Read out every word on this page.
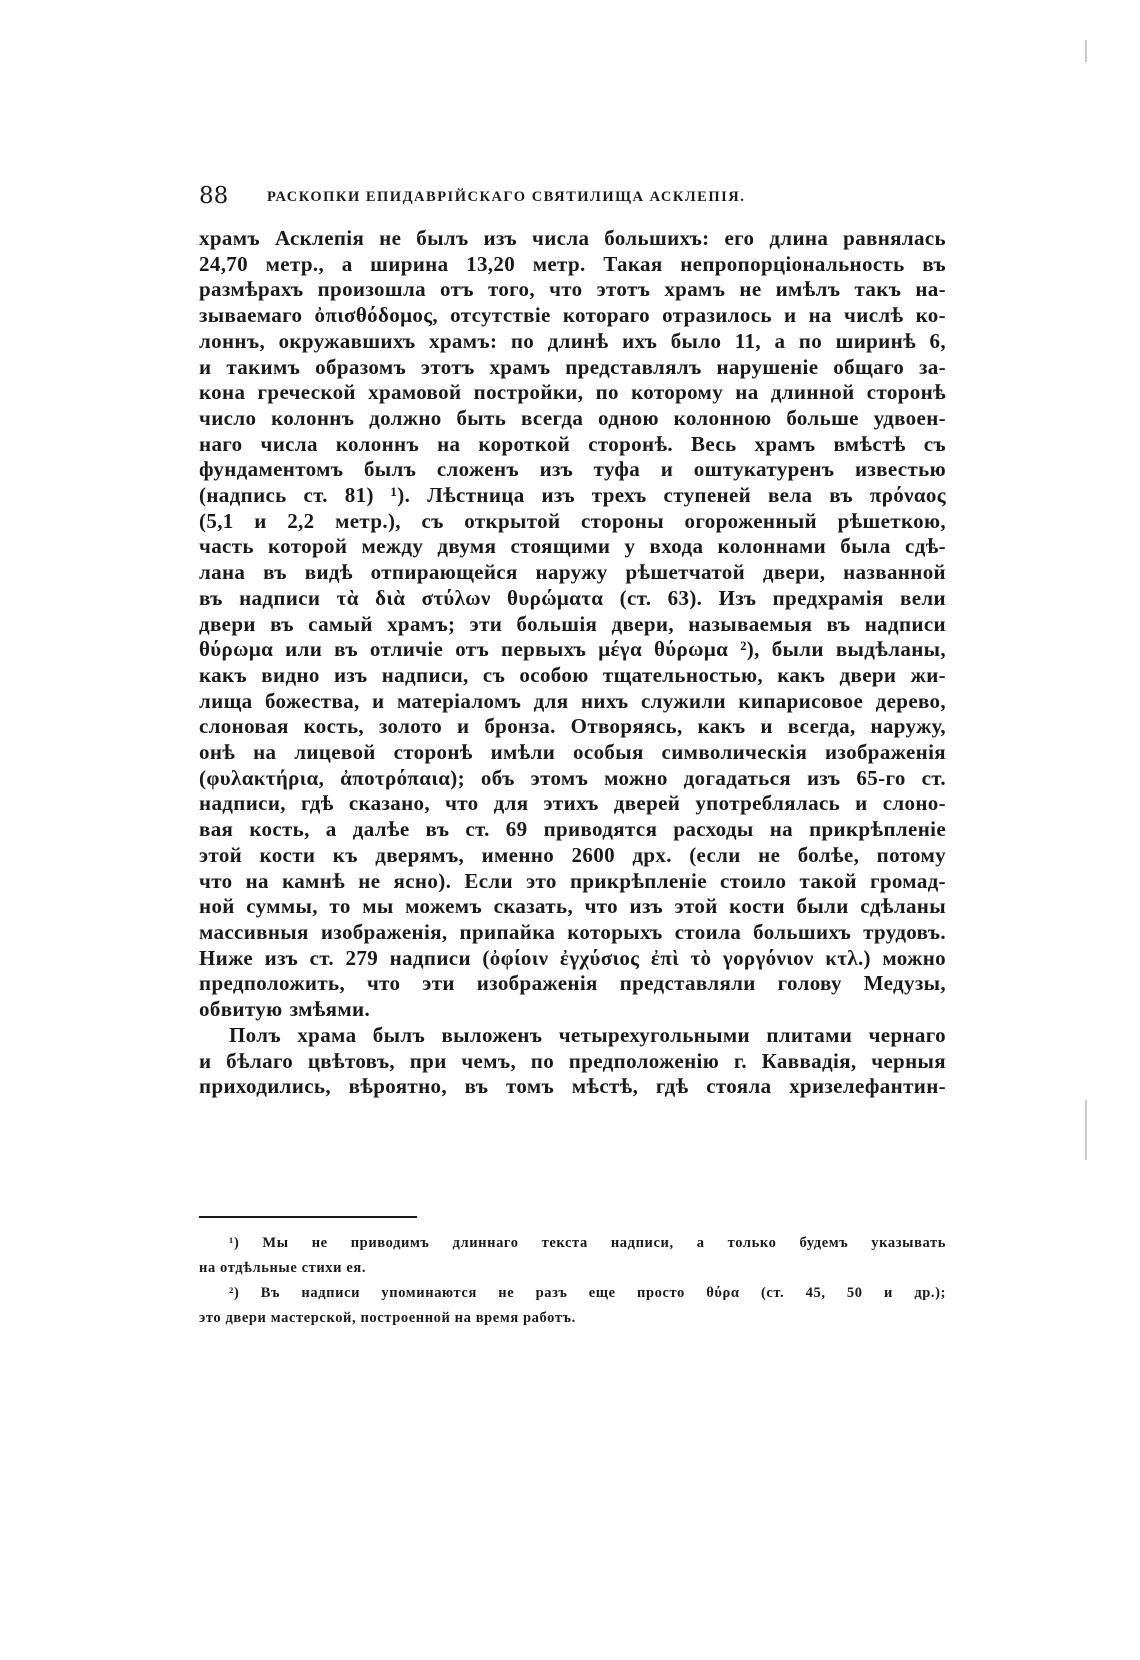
88	РАСКОПКИ ЕПИДАВРІЙСКАГО СВЯТИЛИЩА АСКЛЕПІЯ.
храмъ Асклепія не былъ изъ числа большихъ: его длина равнялась
24,70 метр., а ширина 13,20 метр. Такая непропорціональность въ
размѣрахъ произошла отъ того, что этотъ храмъ не имѣлъ такъ на-
зываемаго ὀπισθόδομος, отсутствіе котораго отразилось и на числѣ ко-
лоннъ, окружавшихъ храмъ: по длинѣ ихъ было 11, а по ширинѣ 6,
и такимъ образомъ этотъ храмъ представлялъ нарушеніе общаго за-
кона греческой храмовой постройки, по которому на длинной сторонѣ
число колоннъ должно быть всегда одною колонною больше удвоен-
наго числа колоннъ на короткой сторонѣ. Весь храмъ вмѣстѣ съ
фундаментомъ былъ сложенъ изъ туфа и оштукатуренъ известью
(надпись ст. 81) ¹). Лѣстница изъ трехъ ступеней вела въ πρόναος
(5,1 и 2,2 метр.), съ открытой стороны огороженный рѣшеткою,
часть которой между двумя стоящими у входа колоннами была сдѣ-
лана въ видѣ отпирающейся наружу рѣшетчатой двери, названной
въ надписи τὰ διὰ στύλων θυρώματα (ст. 63). Изъ предхрамія вели
двери въ самый храмъ; эти большія двери, называемыя въ надписи
θύρωμα или въ отличіе отъ первыхъ μέγα θύρωμα ²), были выдѣланы,
какъ видно изъ надписи, съ особою тщательностью, какъ двери жи-
лища божества, и матеріаломъ для нихъ служили кипарисовое дерево,
слоновая кость, золото и бронза. Отворяясь, какъ и всегда, наружу,
онѣ на лицевой сторонѣ имѣли особыя символическія изображенія
(φυλακτήρια, ἀποτρόπαια); объ этомъ можно догадаться изъ 65-го ст.
надписи, гдѣ сказано, что для этихъ дверей употреблялась и слоно-
вая кость, а далѣе въ ст. 69 приводятся расходы на прикрѣпленіе
этой кости къ дверямъ, именно 2600 дрх. (если не болѣе, потому
что на камнѣ не ясно). Если это прикрѣпленіе стоило такой громад-
ной суммы, то мы можемъ сказать, что изъ этой кости были сдѣланы
массивныя изображенія, припайка которыхъ стоила большихъ трудовъ.
Ниже изъ ст. 279 надписи (ὀφίοιν ἐγχύσιος ἐπὶ τὸ γοργόνιον κτλ.) можно
предположить, что эти изображенія представляли голову Медузы,
обвитую змѣями.
Полъ храма былъ выложенъ четырехугольными плитами чернаго
и бѣлаго цвѣтовъ, при чемъ, по предположенію г. Каввадія, черныя
приходились, вѣроятно, въ томъ мѣстѣ, гдѣ стояла хризелефантин-
¹) Мы не приводимъ длиннаго текста надписи, а только будемъ указывать
на отдѣльные стихи ея.
²) Въ надписи упоминаются не разъ еще просто θύρα (ст. 45, 50 и др.);
это двери мастерской, построенной на время работъ.
